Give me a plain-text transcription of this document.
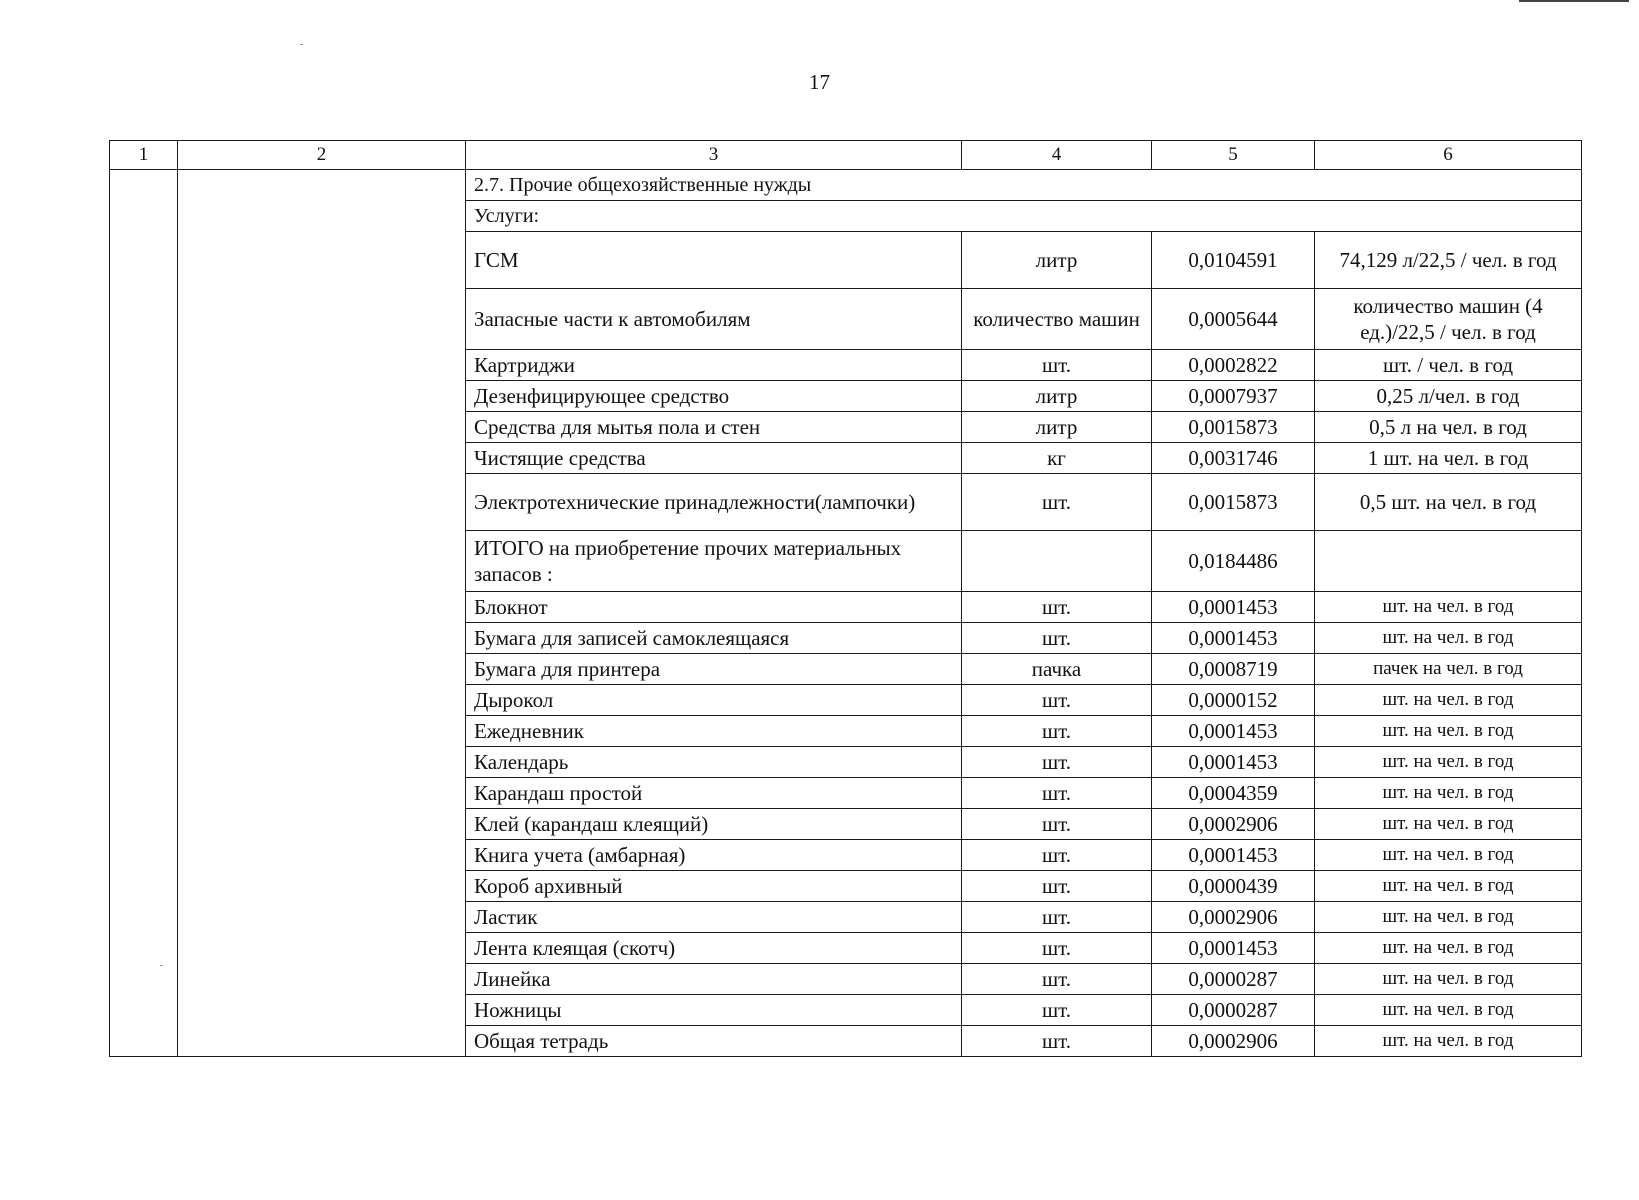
17
1	2	3	4	5	6
		2.7. Прочие общехозяйственные нужды			
		Услуги:			
		ГСМ	литр	0,0104591	74,129 л/22,5 / чел. в год
		Запасные части к автомобилям	количество машин	0,0005644	количество машин (4 ед.)/22,5 / чел. в год
		Картриджи	шт.	0,0002822	шт. / чел. в год
		Дезенфицирующее средство	литр	0,0007937	0,25 л/чел. в год
		Средства для мытья пола и стен	литр	0,0015873	0,5 л на чел. в год
		Чистящие средства	кг	0,0031746	1 шт. на чел. в год
		Электротехнические принадлежности(лампочки)	шт.	0,0015873	0,5 шт. на чел. в год
		ИТОГО на приобретение прочих материальных запасов :		0,0184486	
		Блокнот	шт.	0,0001453	шт. на чел. в год
		Бумага для записей самоклеящаяся	шт.	0,0001453	шт. на чел. в год
		Бумага для принтера	пачка	0,0008719	пачек на чел. в год
		Дырокол	шт.	0,0000152	шт. на чел. в год
		Ежедневник	шт.	0,0001453	шт. на чел. в год
		Календарь	шт.	0,0001453	шт. на чел. в год
		Карандаш простой	шт.	0,0004359	шт. на чел. в год
		Клей (карандаш клеящий)	шт.	0,0002906	шт. на чел. в год
		Книга учета (амбарная)	шт.	0,0001453	шт. на чел. в год
		Короб архивный	шт.	0,0000439	шт. на чел. в год
		Ластик	шт.	0,0002906	шт. на чел. в год
		Лента клеящая (скотч)	шт.	0,0001453	шт. на чел. в год
		Линейка	шт.	0,0000287	шт. на чел. в год
		Ножницы	шт.	0,0000287	шт. на чел. в год
		Общая тетрадь	шт.	0,0002906	шт. на чел. в год
